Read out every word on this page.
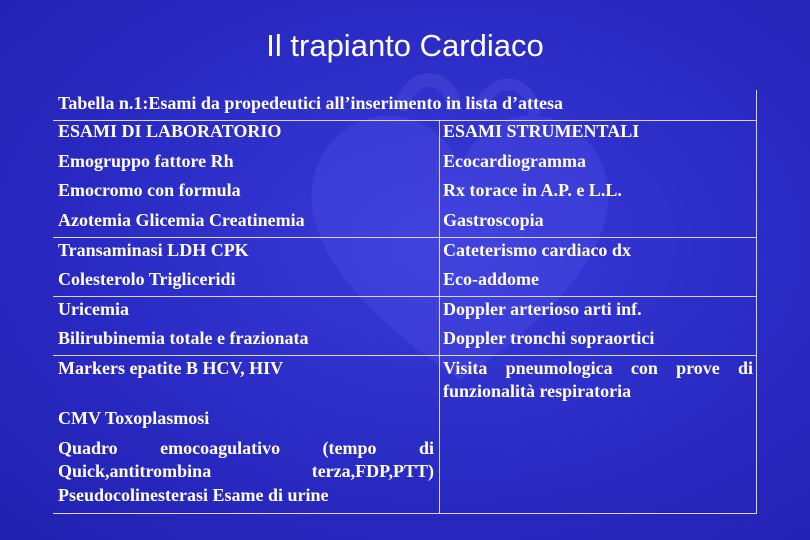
Il trapianto Cardiaco
Tabella n.1:Esami da propedeutici all’inserimento in lista d’attesa
ESAMI DI LABORATORIO	ESAMI STRUMENTALI
Emogruppo fattore Rh
Emocromo con formula
Azotemia Glicemia Creatinemia
Ecocardiogramma
Rx torace in A.P. e L.L.
Gastroscopia
Transaminasi LDH CPK
Colesterolo Trigliceridi
Cateterismo cardiaco dx
Eco-addome
Uricemia
Bilirubinemia totale e frazionata
Doppler arterioso arti inf.
Doppler tronchi sopraortici
Markers epatite B HCV, HIV	Visita pneumologica con prove di
funzionalità respiratoria
CMV Toxoplasmosi
Quadro emocoagulativo (tempo di
Quick,antitrombina terza,FDP,PTT)
Pseudocolinesterasi Esame di urine
